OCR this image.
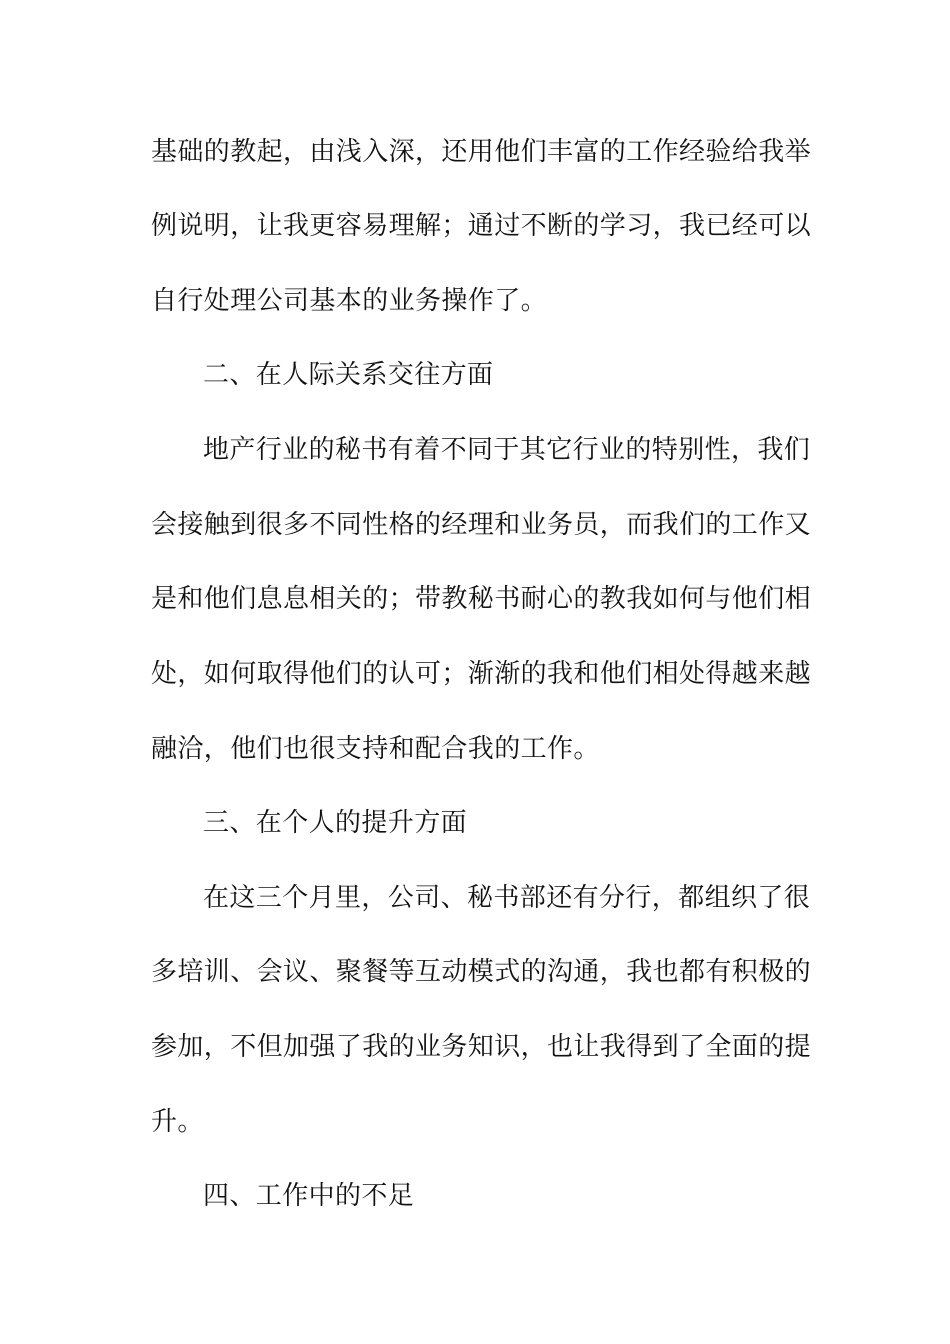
基础的教起，由浅入深，还用他们丰富的工作经验给我举
例说明，让我更容易理解；通过不断的学习，我已经可以
自行处理公司基本的业务操作了。
二、在人际关系交往方面
地产行业的秘书有着不同于其它行业的特别性，我们
会接触到很多不同性格的经理和业务员，而我们的工作又
是和他们息息相关的；带教秘书耐心的教我如何与他们相
处，如何取得他们的认可；渐渐的我和他们相处得越来越
融洽，他们也很支持和配合我的工作。
三、在个人的提升方面
在这三个月里，公司、秘书部还有分行，都组织了很
多培训、会议、聚餐等互动模式的沟通，我也都有积极的
参加，不但加强了我的业务知识，也让我得到了全面的提
升。
四、工作中的不足
